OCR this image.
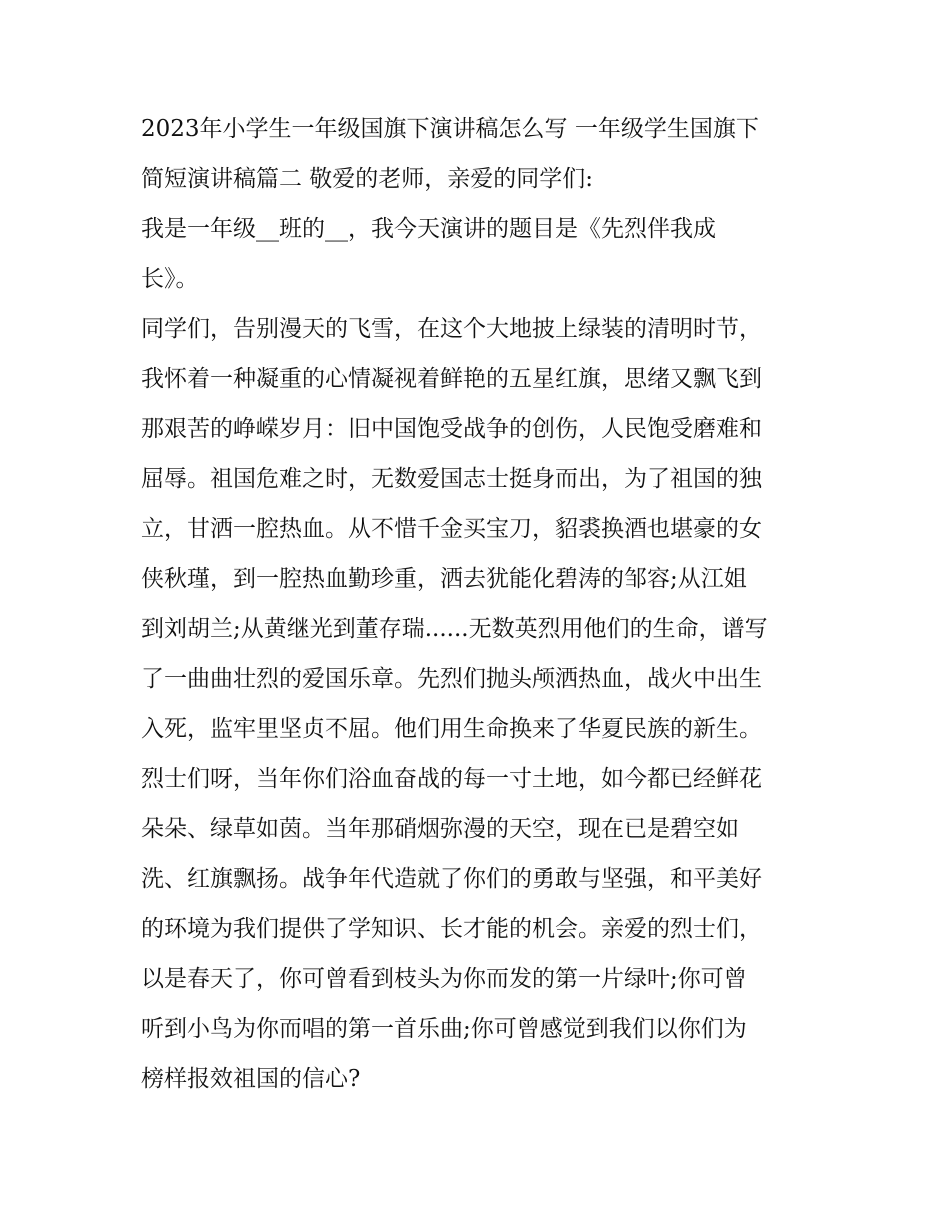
2023年小学生一年级国旗下演讲稿怎么写 一年级学生国旗下

简短演讲稿篇二 敬爱的老师，亲爱的同学们:

我是一年级__班的__，我今天演讲的题目是《先烈伴我成

长》。

同学们，告别漫天的飞雪，在这个大地披上绿装的清明时节，

我怀着一种凝重的心情凝视着鲜艳的五星红旗，思绪又飘飞到

那艰苦的峥嵘岁月：旧中国饱受战争的创伤，人民饱受磨难和

屈辱。祖国危难之时，无数爱国志士挺身而出，为了祖国的独

立，甘洒一腔热血。从不惜千金买宝刀，貂裘换酒也堪豪的女

侠秋瑾，到一腔热血勤珍重，洒去犹能化碧涛的邹容;从江姐

到刘胡兰;从黄继光到董存瑞......无数英烈用他们的生命，谱写

了一曲曲壮烈的爱国乐章。先烈们抛头颅洒热血，战火中出生

入死，监牢里坚贞不屈。他们用生命换来了华夏民族的新生。

烈士们呀，当年你们浴血奋战的每一寸土地，如今都已经鲜花

朵朵、绿草如茵。当年那硝烟弥漫的天空，现在已是碧空如

洗、红旗飘扬。战争年代造就了你们的勇敢与坚强，和平美好

的环境为我们提供了学知识、长才能的机会。亲爱的烈士们，

以是春天了，你可曾看到枝头为你而发的第一片绿叶;你可曾

听到小鸟为你而唱的第一首乐曲;你可曾感觉到我们以你们为

榜样报效祖国的信心?
